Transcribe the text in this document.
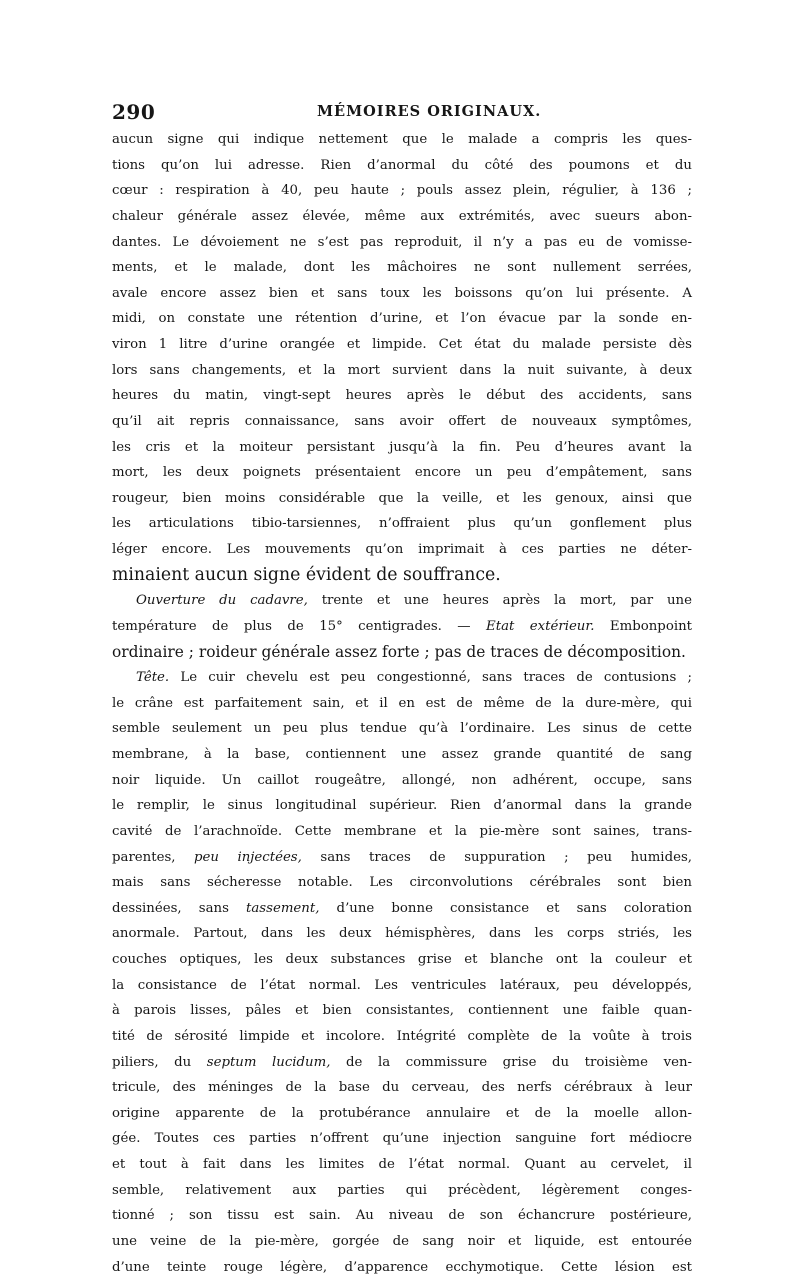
290	MÉMOIRES ORIGINAUX.
aucun signe qui indique nettement que le malade a compris les ques-
tions qu’on lui adresse. Rien d’anormal du côté des poumons et du
cœur : respiration à 40, peu haute ; pouls assez plein, régulier, à 136 ;
chaleur générale assez élevée, même aux extrémités, avec sueurs abon-
dantes. Le dévoiement ne s’est pas reproduit, il n’y a pas eu de vomisse-
ments, et le malade, dont les mâchoires ne sont nullement serrées,
avale encore assez bien et sans toux les boissons qu’on lui présente. A
midi, on constate une rétention d’urine, et l’on évacue par la sonde en-
viron 1 litre d’urine orangée et limpide. Cet état du malade persiste dès
lors sans changements, et la mort survient dans la nuit suivante, à deux
heures du matin, vingt-sept heures après le début des accidents, sans
qu’il ait repris connaissance, sans avoir offert de nouveaux symptômes,
les cris et la moiteur persistant jusqu’à la fin. Peu d’heures avant la
mort, les deux poignets présentaient encore un peu d’empâtement, sans
rougeur, bien moins considérable que la veille, et les genoux, ainsi que
les articulations tibio-tarsiennes, n’offraient plus qu’un gonflement plus
léger encore. Les mouvements qu’on imprimait à ces parties ne déter-
minaient aucun signe évident de souffrance.
Ouverture du cadavre, trente et une heures après la mort, par une
température de plus de 15° centigrades. — Etat extérieur. Embonpoint
ordinaire ; roideur générale assez forte ; pas de traces de décomposition.
Tête. Le cuir chevelu est peu congestionné, sans traces de contusions ;
le crâne est parfaitement sain, et il en est de même de la dure-mère, qui
semble seulement un peu plus tendue qu’à l’ordinaire. Les sinus de cette
membrane, à la base, contiennent une assez grande quantité de sang
noir liquide. Un caillot rougeâtre, allongé, non adhérent, occupe, sans
le remplir, le sinus longitudinal supérieur. Rien d’anormal dans la grande
cavité de l’arachnoïde. Cette membrane et la pie-mère sont saines, trans-
parentes, peu injectées, sans traces de suppuration ; peu humides,
mais sans sécheresse notable. Les circonvolutions cérébrales sont bien
dessinées, sans tassement, d’une bonne consistance et sans coloration
anormale. Partout, dans les deux hémisphères, dans les corps striés, les
couches optiques, les deux substances grise et blanche ont la couleur et
la consistance de l’état normal. Les ventricules latéraux, peu développés,
à parois lisses, pâles et bien consistantes, contiennent une faible quan-
tité de sérosité limpide et incolore. Intégrité complète de la voûte à trois
piliers, du septum lucidum, de la commissure grise du troisième ven-
tricule, des méninges de la base du cerveau, des nerfs cérébraux à leur
origine apparente de la protubérance annulaire et de la moelle allon-
gée. Toutes ces parties n’offrent qu’une injection sanguine fort médiocre
et tout à fait dans les limites de l’état normal. Quant au cervelet, il
semble, relativement aux parties qui précèdent, légèrement conges-
tionné ; son tissu est sain. Au niveau de son échancrure postérieure,
une veine de la pie-mère, gorgée de sang noir et liquide, est entourée
d’une teinte rouge légère, d’apparence ecchymotique. Cette lésion est
